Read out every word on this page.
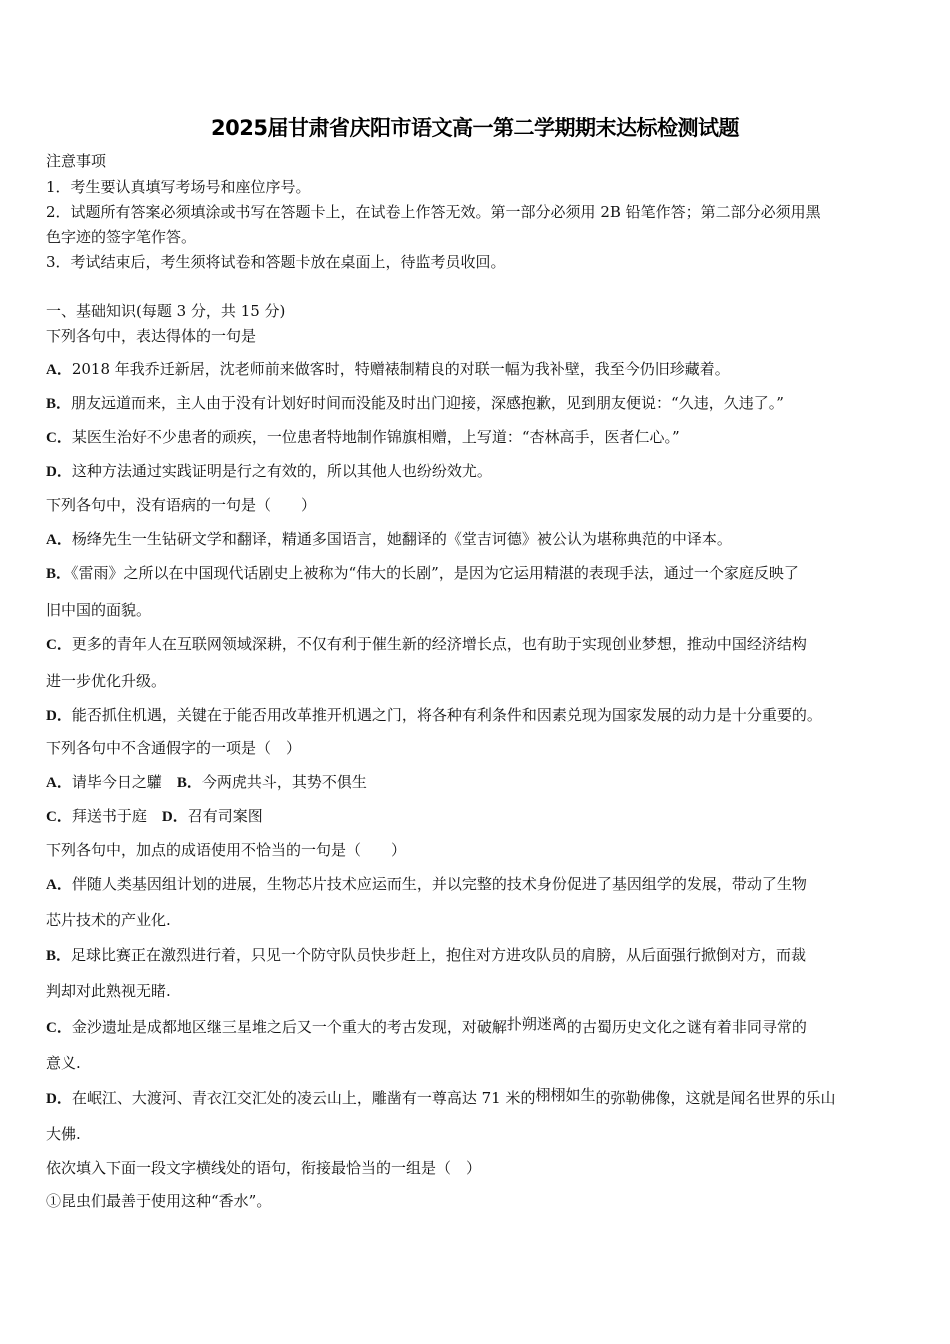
2025届甘肃省庆阳市语文高一第二学期期末达标检测试题
注意事项
1．考生要认真填写考场号和座位序号。
2．试题所有答案必须填涂或书写在答题卡上，在试卷上作答无效。第一部分必须用 2B 铅笔作答；第二部分必须用黑
色字迹的签字笔作答。
3．考试结束后，考生须将试卷和答题卡放在桌面上，待监考员收回。
一、基础知识(每题 3 分，共 15 分)
下列各句中，表达得体的一句是
A．2018 年我乔迁新居，沈老师前来做客时，特赠裱制精良的对联一幅为我补壁，我至今仍旧珍藏着。
B．朋友远道而来，主人由于没有计划好时间而没能及时出门迎接，深感抱歉，见到朋友便说：“久违，久违了。”
C．某医生治好不少患者的顽疾，一位患者特地制作锦旗相赠，上写道：“杏林高手，医者仁心。”
D．这种方法通过实践证明是行之有效的，所以其他人也纷纷效尤。
下列各句中，没有语病的一句是（　　）
A．杨绛先生一生钻研文学和翻译，精通多国语言，她翻译的《堂吉诃德》被公认为堪称典范的中译本。
B．《雷雨》之所以在中国现代话剧史上被称为“伟大的长剧”，是因为它运用精湛的表现手法，通过一个家庭反映了
旧中国的面貌。
C．更多的青年人在互联网领域深耕，不仅有利于催生新的经济增长点，也有助于实现创业梦想，推动中国经济结构
进一步优化升级。
D．能否抓住机遇，关键在于能否用改革推开机遇之门，将各种有利条件和因素兑现为国家发展的动力是十分重要的。
下列各句中不含通假字的一项是（　）
A．请毕今日之驩　B．今两虎共斗，其势不俱生
C．拜送书于庭　D．召有司案图
下列各句中，加点的成语使用不恰当的一句是（　　）
A．伴随人类基因组计划的进展，生物芯片技术应运而生，并以完整的技术身份促进了基因组学的发展，带动了生物
芯片技术的产业化.
B．足球比赛正在激烈进行着，只见一个防守队员快步赶上，抱住对方进攻队员的肩膀，从后面强行掀倒对方，而裁
判却对此熟视无睹.
C．金沙遗址是成都地区继三星堆之后又一个重大的考古发现，对破解扑朔迷离的古蜀历史文化之谜有着非同寻常的
意义.
D．在岷江、大渡河、青衣江交汇处的凌云山上，雕凿有一尊高达 71 米的栩栩如生的弥勒佛像，这就是闻名世界的乐山
大佛.
依次填入下面一段文字横线处的语句，衔接最恰当的一组是（　）
①昆虫们最善于使用这种“香水”。
